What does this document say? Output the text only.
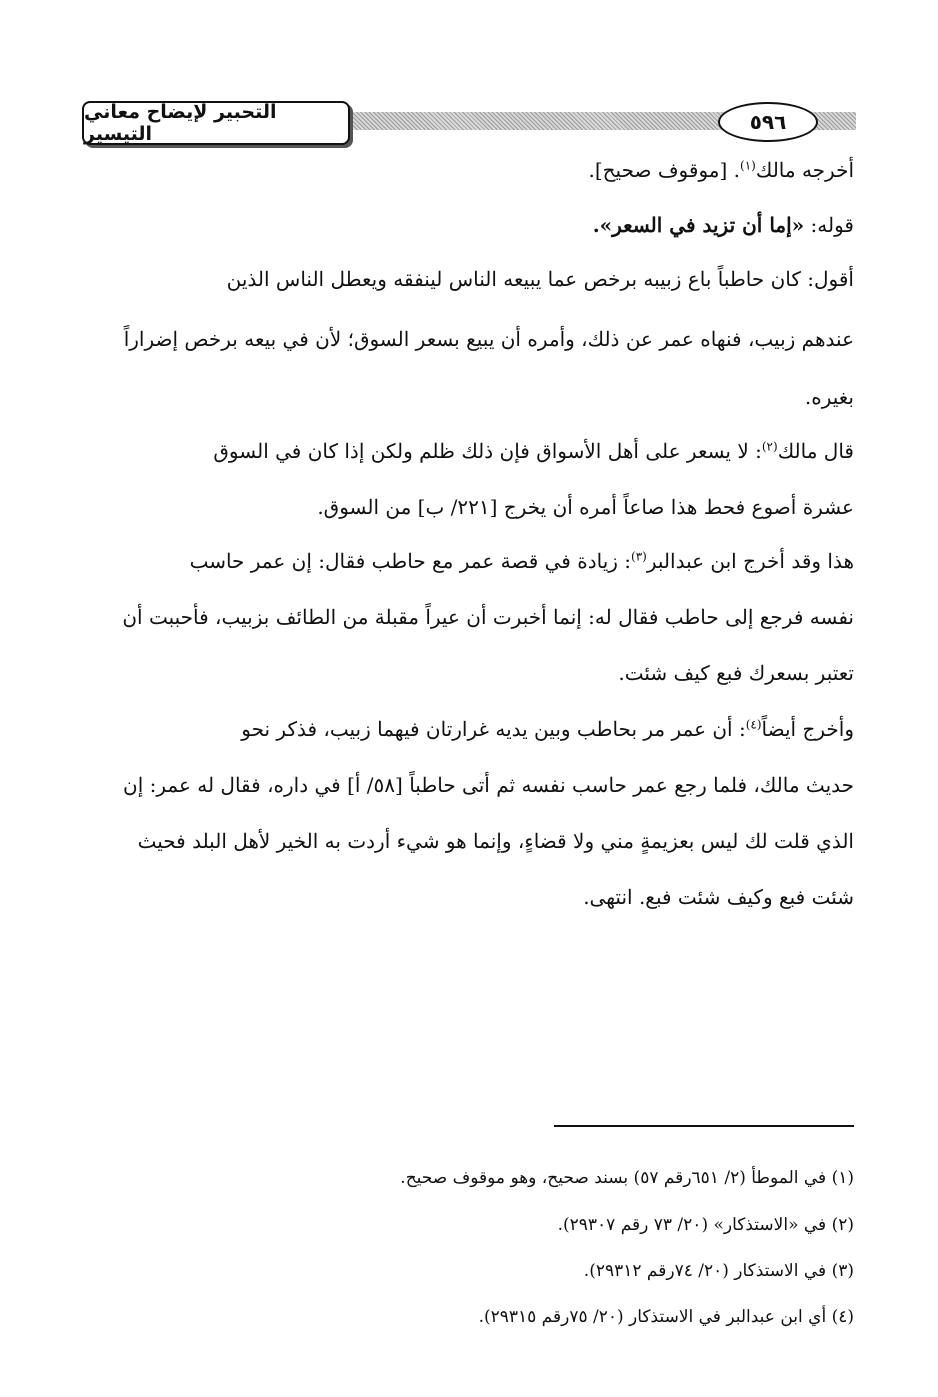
التحبير لإيضاح معاني التيسير	٥٩٦
أخرجه مالك$^{(١)}$. [موقوف صحيح].
قوله: «إما أن تزيد في السعر».
أقول: كان حاطباً باع زبيبه برخص عما يبيعه الناس لينفقه ويعطل الناس الذين
عندهم زبيب، فنهاه عمر عن ذلك، وأمره أن يبيع بسعر السوق؛ لأن في بيعه برخص إضراراً
بغيره.
قال مالك$^{(٢)}$: لا يسعر على أهل الأسواق فإن ذلك ظلم ولكن إذا كان في السوق
عشرة أصوع فحط هذا صاعاً أمره أن يخرج [٢٢١/ ب] من السوق.
هذا وقد أخرج ابن عبدالبر$^{(٣)}$: زيادة في قصة عمر مع حاطب فقال: إن عمر حاسب
نفسه فرجع إلى حاطب فقال له: إنما أخبرت أن عيراً مقبلة من الطائف بزبيب، فأحببت أن
تعتبر بسعرك فبع كيف شئت.
وأخرج أيضاً$^{(٤)}$: أن عمر مر بحاطب وبين يديه غرارتان فيهما زبيب، فذكر نحو
حديث مالك، فلما رجع عمر حاسب نفسه ثم أتى حاطباً [٥٨/ أ] في داره، فقال له عمر: إن
الذي قلت لك ليس بعزيمةٍ مني ولا قضاءٍ، وإنما هو شيء أردت به الخير لأهل البلد فحيث
شئت فبع وكيف شئت فبع. انتهى.
(١) في الموطأ (٢/ ٦٥١رقم ٥٧) بسند صحيح، وهو موقوف صحيح.
(٢) في «الاستذكار» (٢٠/ ٧٣ رقم ٢٩٣٠٧).
(٣) في الاستذكار (٢٠/ ٧٤رقم ٢٩٣١٢).
(٤) أي ابن عبدالبر في الاستذكار (٢٠/ ٧٥رقم ٢٩٣١٥).
